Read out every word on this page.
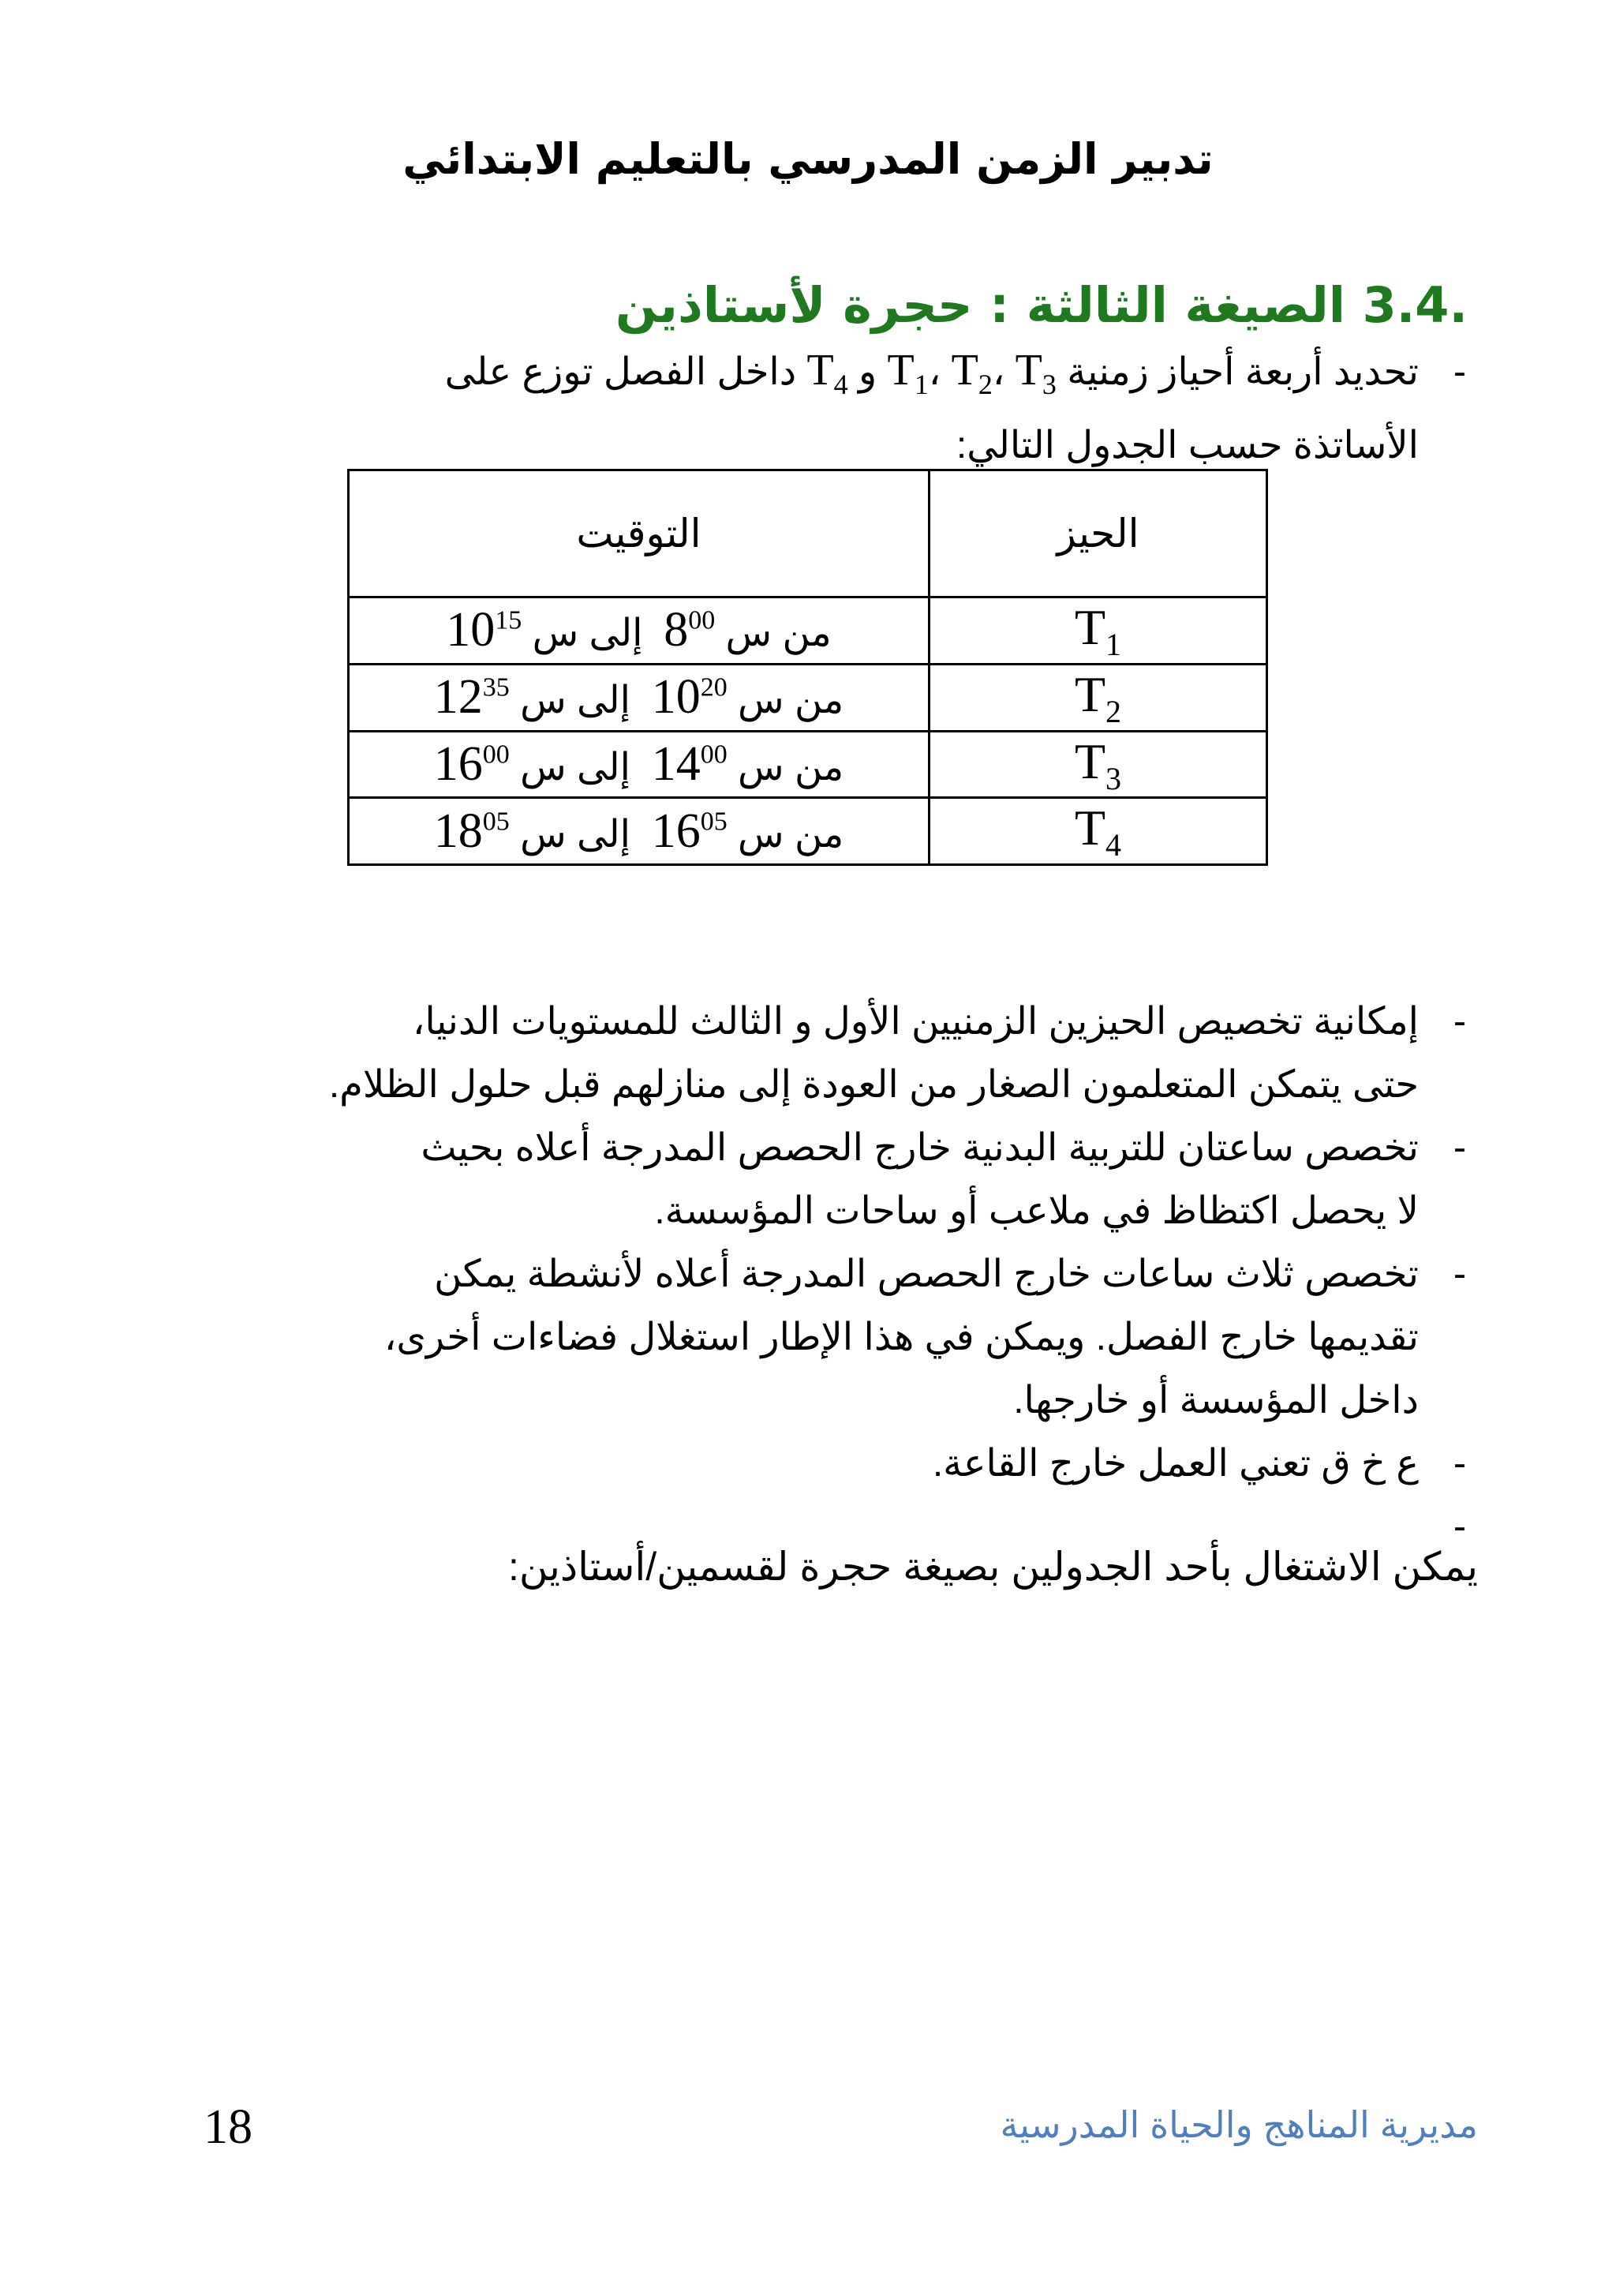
تدبير الزمن المدرسي بالتعليم الابتدائي
3.4. الصيغة الثالثة : حجرة لأستاذين
-تحديد أربعة أحياز زمنية $T_1،$ $T_2،$ $T_3$ و $T_4$ داخل الفصل توزع على
الأساتذة حسب الجدول التالي:
الحيز	التوقيت
$T_1$	من س $8^{00}$  إلى س $10^{15}$
$T_2$	من س $10^{20}$  إلى س $12^{35}$
$T_3$	من س $14^{00}$  إلى س $16^{00}$
$T_4$	من س $16^{05}$  إلى س $18^{05}$
-إمكانية تخصيص الحيزين الزمنيين الأول و الثالث للمستويات الدنيا،
حتى يتمكن المتعلمون الصغار من العودة إلى منازلهم قبل حلول الظلام.
-تخصص ساعتان للتربية البدنية خارج الحصص المدرجة أعلاه بحيث
لا يحصل اكتظاظ في ملاعب أو ساحات المؤسسة.
-تخصص ثلاث ساعات خارج الحصص المدرجة أعلاه لأنشطة يمكن
تقديمها خارج الفصل. ويمكن في هذا الإطار استغلال فضاءات أخرى،
داخل المؤسسة أو خارجها.
-ع خ ق تعني العمل خارج القاعة.
-
يمكن الاشتغال بأحد الجدولين بصيغة حجرة لقسمين/أستاذين:
18	مديرية المناهج والحياة المدرسية
